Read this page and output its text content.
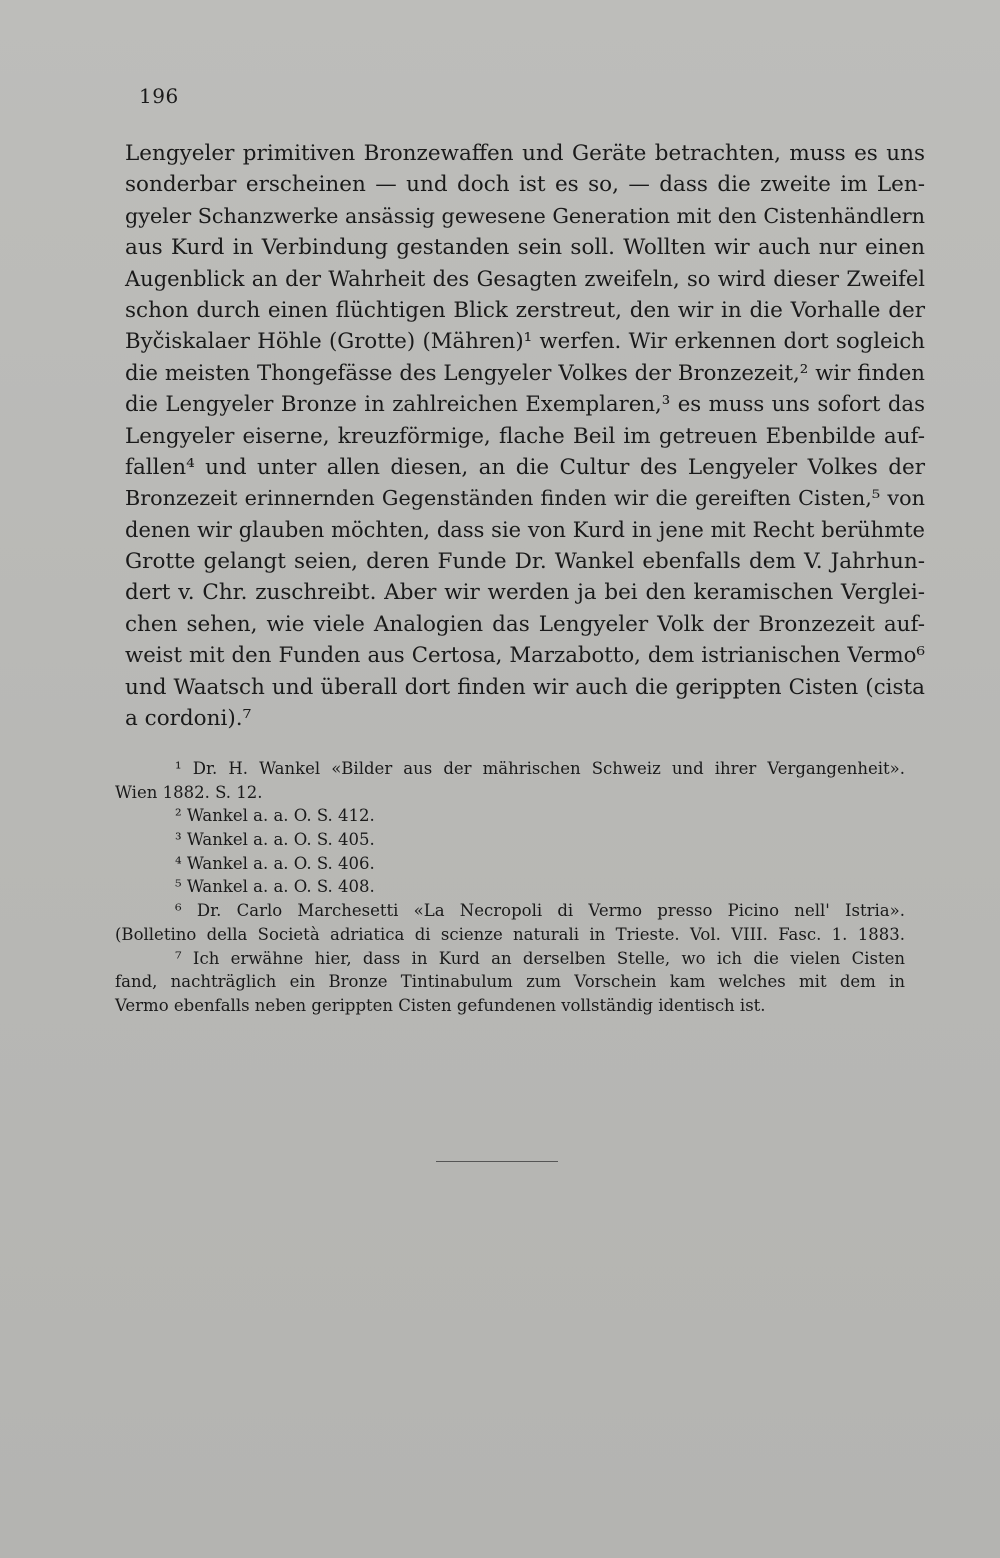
196
Lengyeler primitiven Bronzewaffen und Geräte betrachten, muss es uns
sonderbar erscheinen — und doch ist es so, — dass die zweite im Len-
gyeler Schanzwerke ansässig gewesene Generation mit den Cistenhändlern
aus Kurd in Verbindung gestanden sein soll. Wollten wir auch nur einen
Augenblick an der Wahrheit des Gesagten zweifeln, so wird dieser Zweifel
schon durch einen flüchtigen Blick zerstreut, den wir in die Vorhalle der
Byčiskalaer Höhle (Grotte) (Mähren)¹ werfen. Wir erkennen dort sogleich
die meisten Thongefässe des Lengyeler Volkes der Bronzezeit,² wir finden
die Lengyeler Bronze in zahlreichen Exemplaren,³ es muss uns sofort das
Lengyeler eiserne, kreuzförmige, flache Beil im getreuen Ebenbilde auf-
fallen⁴ und unter allen diesen, an die Cultur des Lengyeler Volkes der
Bronzezeit erinnernden Gegenständen finden wir die gereiften Cisten,⁵ von
denen wir glauben möchten, dass sie von Kurd in jene mit Recht berühmte
Grotte gelangt seien, deren Funde Dr. Wankel ebenfalls dem V. Jahrhun-
dert v. Chr. zuschreibt. Aber wir werden ja bei den keramischen Verglei-
chen sehen, wie viele Analogien das Lengyeler Volk der Bronzezeit auf-
weist mit den Funden aus Certosa, Marzabotto, dem istrianischen Vermo⁶
und Waatsch und überall dort finden wir auch die gerippten Cisten (cista
a cordoni).⁷
¹ Dr. H. Wankel «Bilder aus der mährischen Schweiz und ihrer Vergangenheit».
Wien 1882. S. 12.
² Wankel a. a. O. S. 412.
³ Wankel a. a. O. S. 405.
⁴ Wankel a. a. O. S. 406.
⁵ Wankel a. a. O. S. 408.
⁶ Dr. Carlo Marchesetti «La Necropoli di Vermo presso Picino nell' Istria».
(Bolletino della Società adriatica di scienze naturali in Trieste. Vol. VIII. Fasc. 1. 1883.
⁷ Ich erwähne hier, dass in Kurd an derselben Stelle, wo ich die vielen Cisten
fand, nachträglich ein Bronze Tintinabulum zum Vorschein kam welches mit dem in
Vermo ebenfalls neben gerippten Cisten gefundenen vollständig identisch ist.
